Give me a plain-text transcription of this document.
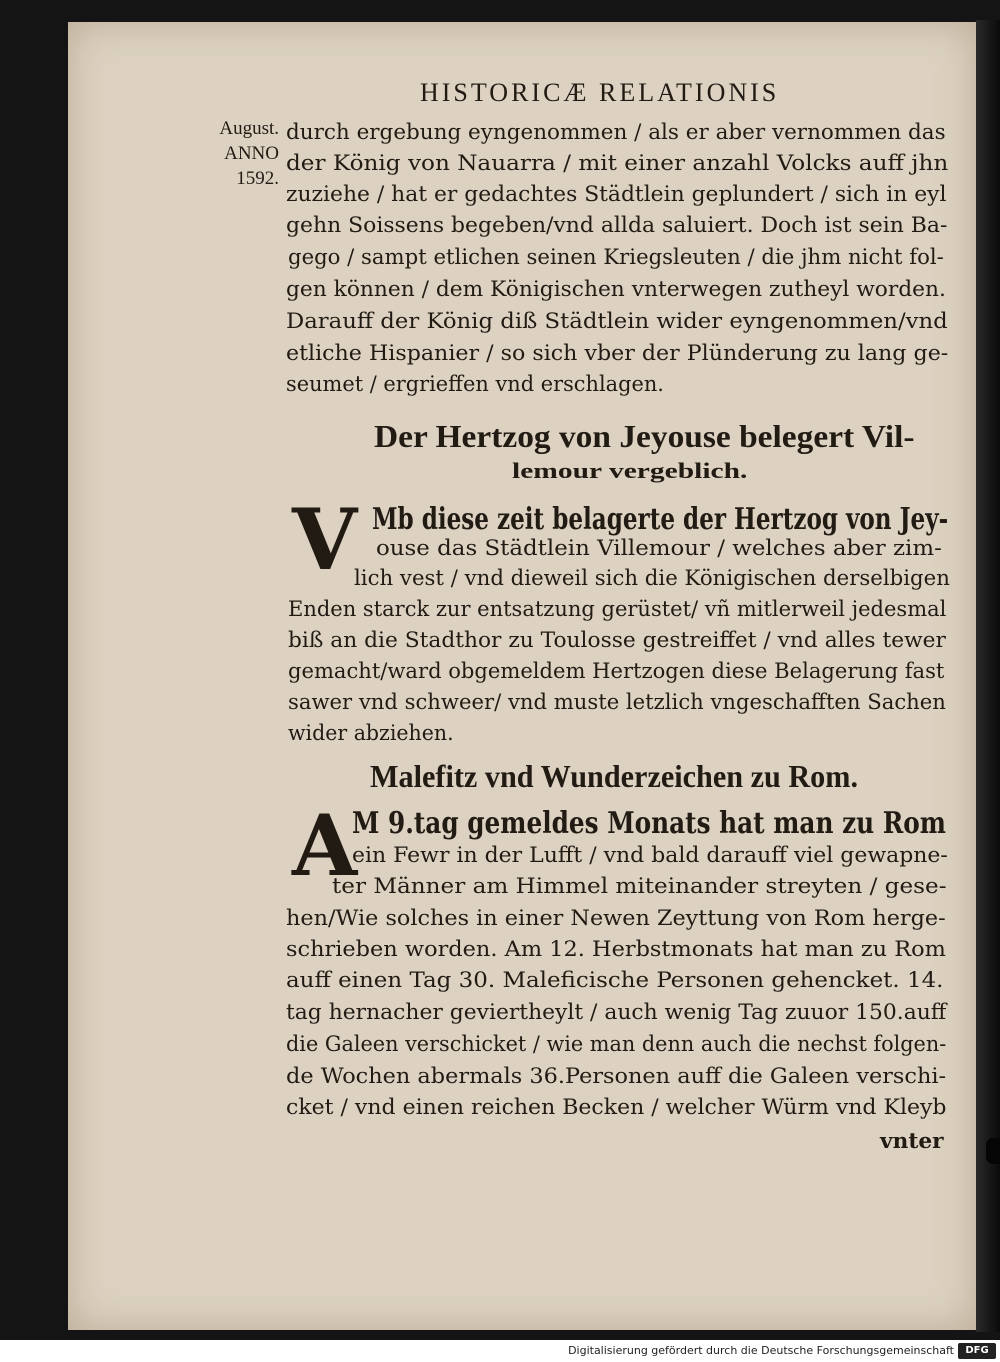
HISTORICÆ RELATIONIS
August.
ANNO
1592.
durch ergebung eyngenommen / als er aber vernommen das
der König von Nauarra / mit einer anzahl Volcks auff jhn
zuziehe / hat er gedachtes Städtlein geplundert / sich in eyl
gehn Soissens begeben/vnd allda saluiert. Doch ist sein Ba-
gego / sampt etlichen seinen Kriegsleuten / die jhm nicht fol-
gen können / dem Königischen vnterwegen zutheyl worden.
Darauff der König diß Städtlein wider eyngenommen/vnd
etliche Hispanier / so sich vber der Plünderung zu lang ge-
seumet / ergrieffen vnd erschlagen.
Der Hertzog von Jeyouse belegert Vil-
lemour vergeblich.
V Mb diese zeit belagerte der Hertzog von Jey-
ouse das Städtlein Villemour / welches aber zim-
lich vest / vnd dieweil sich die Königischen derselbigen
Enden starck zur entsatzung gerüstet/ vñ mitlerweil jedesmal
biß an die Stadthor zu Toulosse gestreiffet / vnd alles tewer
gemacht/ward obgemeldem Hertzogen diese Belagerung fast
sawer vnd schweer/ vnd muste letzlich vngeschafften Sachen
wider abziehen.
Malefitz vnd Wunderzeichen zu Rom.
A
M 9.tag gemeldes Monats hat man zu Rom
ein Fewr in der Lufft / vnd bald darauff viel gewapne-
ter Männer am Himmel miteinander streyten / gese-
hen/Wie solches in einer Newen Zeyttung von Rom herge-
schrieben worden. Am 12. Herbstmonats hat man zu Rom
auff einen Tag 30. Maleficische Personen gehencket. 14.
tag hernacher geviertheylt / auch wenig Tag zuuor 150.auff
die Galeen verschicket / wie man denn auch die nechst folgen-
de Wochen abermals 36.Personen auff die Galeen verschi-
cket / vnd einen reichen Becken / welcher Würm vnd Kleyb
vnter
Digitalisierung gefördert durch die Deutsche Forschungsgemeinschaft	DFG
